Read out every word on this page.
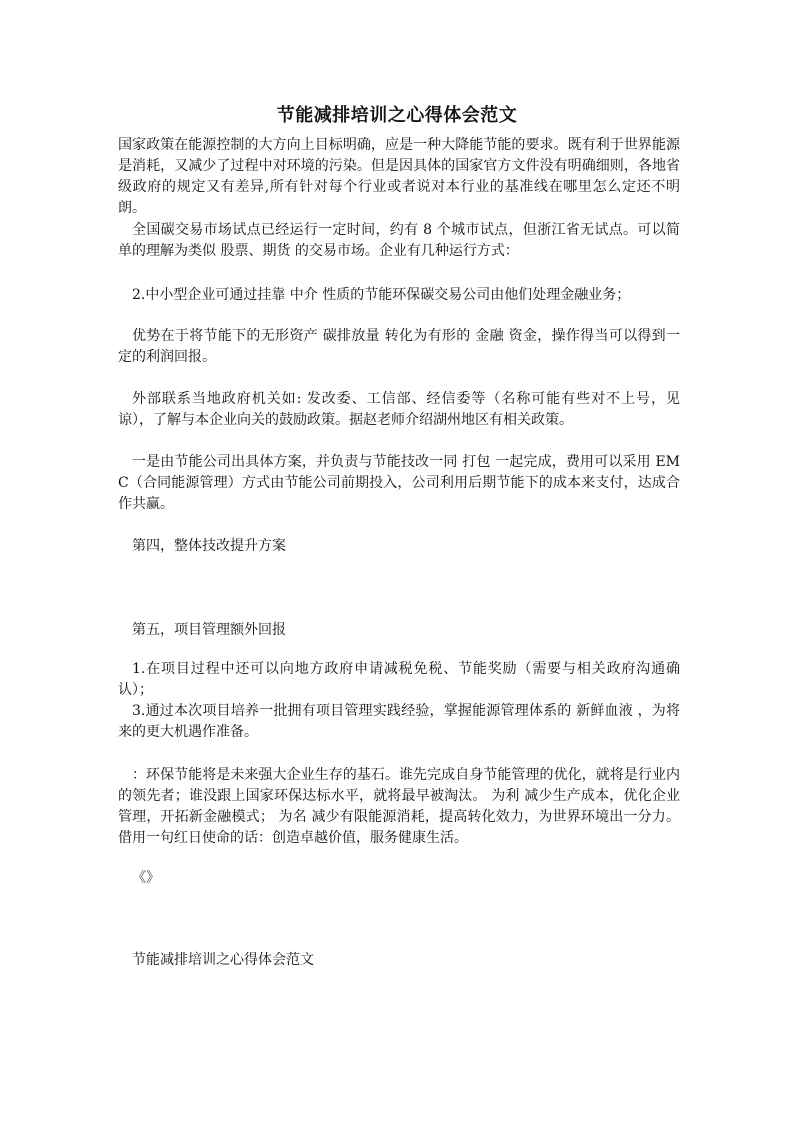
节能减排培训之心得体会范文

国家政策在能源控制的大方向上目标明确，应是一种大降能节能的要求。既有利于世界能源是消耗，又减少了过程中对环境的污染。但是因具体的国家官方文件没有明确细则，各地省级政府的规定又有差异,所有针对每个行业或者说对本行业的基准线在哪里怎么定还不明朗。

全国碳交易市场试点已经运行一定时间，约有 8 个城市试点，但浙江省无试点。可以简单的理解为类似 股票、期货 的交易市场。企业有几种运行方式：

2.中小型企业可通过挂靠 中介 性质的节能环保碳交易公司由他们处理金融业务；

优势在于将节能下的无形资产 碳排放量 转化为有形的 金融 资金，操作得当可以得到一定的利润回报。

外部联系当地政府机关如: 发改委、工信部、经信委等（名称可能有些对不上号，见谅），了解与本企业向关的鼓励政策。据赵老师介绍湖州地区有相关政策。

一是由节能公司出具体方案，并负责与节能技改一同 打包 一起完成，费用可以采用 EMC（合同能源管理）方式由节能公司前期投入，公司利用后期节能下的成本来支付，达成合作共赢。

第四，整体技改提升方案

第五，项目管理额外回报

1.在项目过程中还可以向地方政府申请减税免税、节能奖励（需要与相关政府沟通确认）；

3.通过本次项目培养一批拥有项目管理实践经验，掌握能源管理体系的 新鲜血液 ，为将来的更大机遇作准备。

：环保节能将是未来强大企业生存的基石。谁先完成自身节能管理的优化，就将是行业内的领先者；谁没跟上国家环保达标水平，就将最早被淘汰。 为利 减少生产成本，优化企业管理，开拓新金融模式； 为名 减少有限能源消耗，提高转化效力，为世界环境出一分力。借用一句红日使命的话：创造卓越价值，服务健康生活。

《》

节能减排培训之心得体会范文
